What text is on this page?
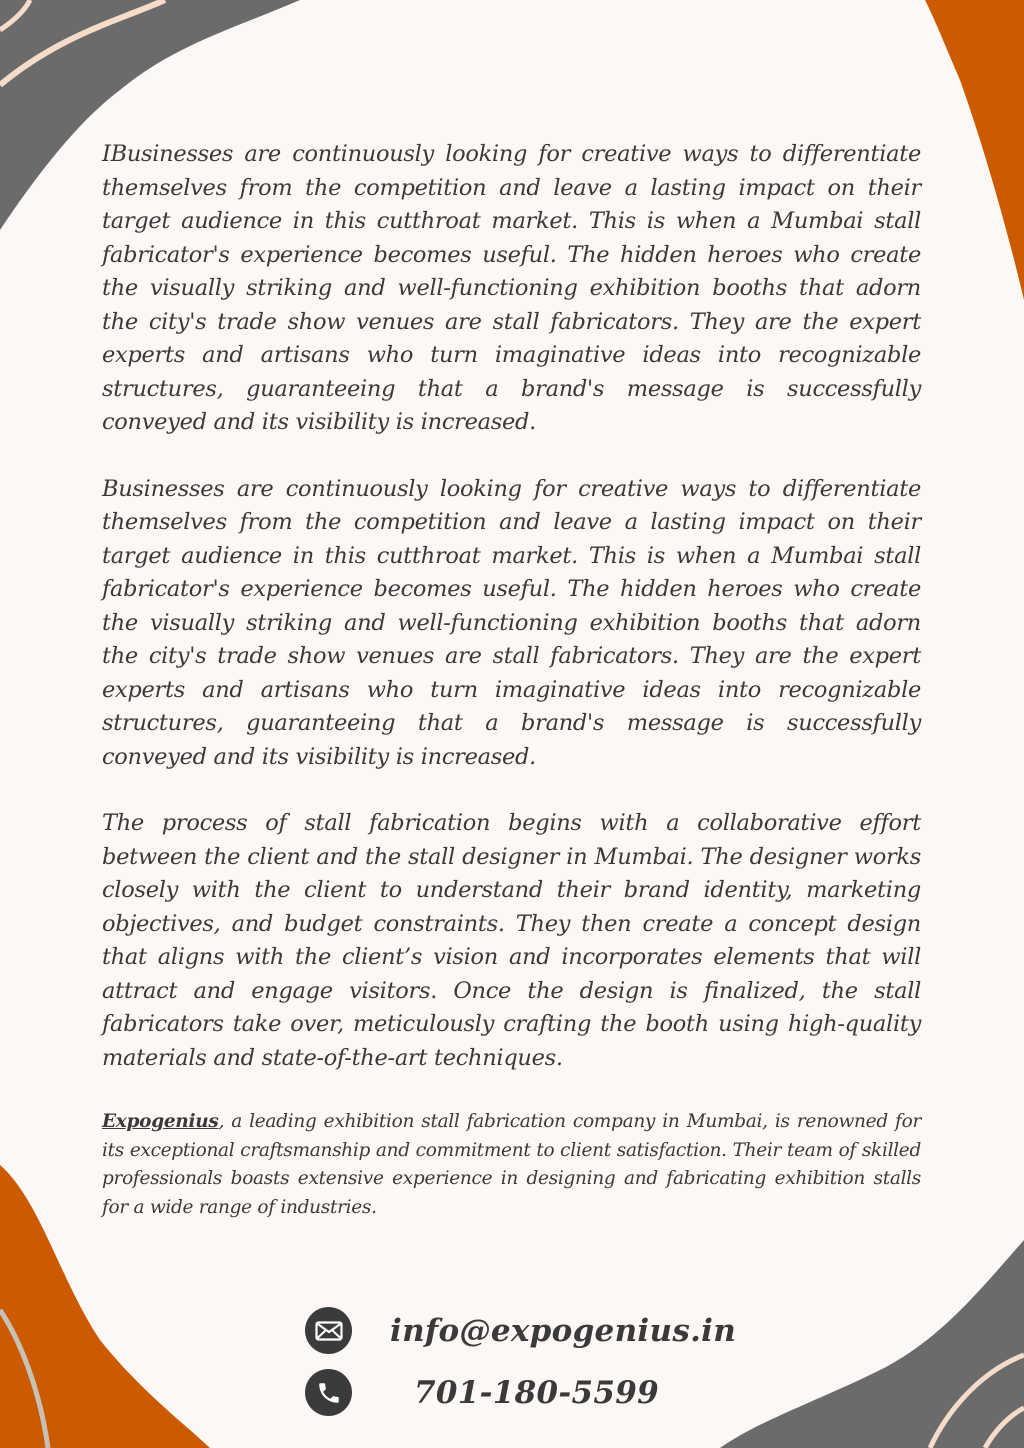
IBusinesses are continuously looking for creative ways to differentiate themselves from the competition and leave a lasting impact on their target audience in this cutthroat market. This is when a Mumbai stall fabricator's experience becomes useful. The hidden heroes who create the visually striking and well-functioning exhibition booths that adorn the city's trade show venues are stall fabricators. They are the expert experts and artisans who turn imaginative ideas into recognizable structures, guaranteeing that a brand's message is successfully conveyed and its visibility is increased.

Businesses are continuously looking for creative ways to differentiate themselves from the competition and leave a lasting impact on their target audience in this cutthroat market. This is when a Mumbai stall fabricator's experience becomes useful. The hidden heroes who create the visually striking and well-functioning exhibition booths that adorn the city's trade show venues are stall fabricators. They are the expert experts and artisans who turn imaginative ideas into recognizable structures, guaranteeing that a brand's message is successfully conveyed and its visibility is increased.

The process of stall fabrication begins with a collaborative effort between the client and the stall designer in Mumbai. The designer works closely with the client to understand their brand identity, marketing objectives, and budget constraints. They then create a concept design that aligns with the client’s vision and incorporates elements that will attract and engage visitors. Once the design is finalized, the stall fabricators take over, meticulously crafting the booth using high-quality materials and state-of-the-art techniques.

Expogenius, a leading exhibition stall fabrication company in Mumbai, is renowned for its exceptional craftsmanship and commitment to client satisfaction. Their team of skilled professionals boasts extensive experience in designing and fabricating exhibition stalls for a wide range of industries.

info@expogenius.in
701-180-5599
